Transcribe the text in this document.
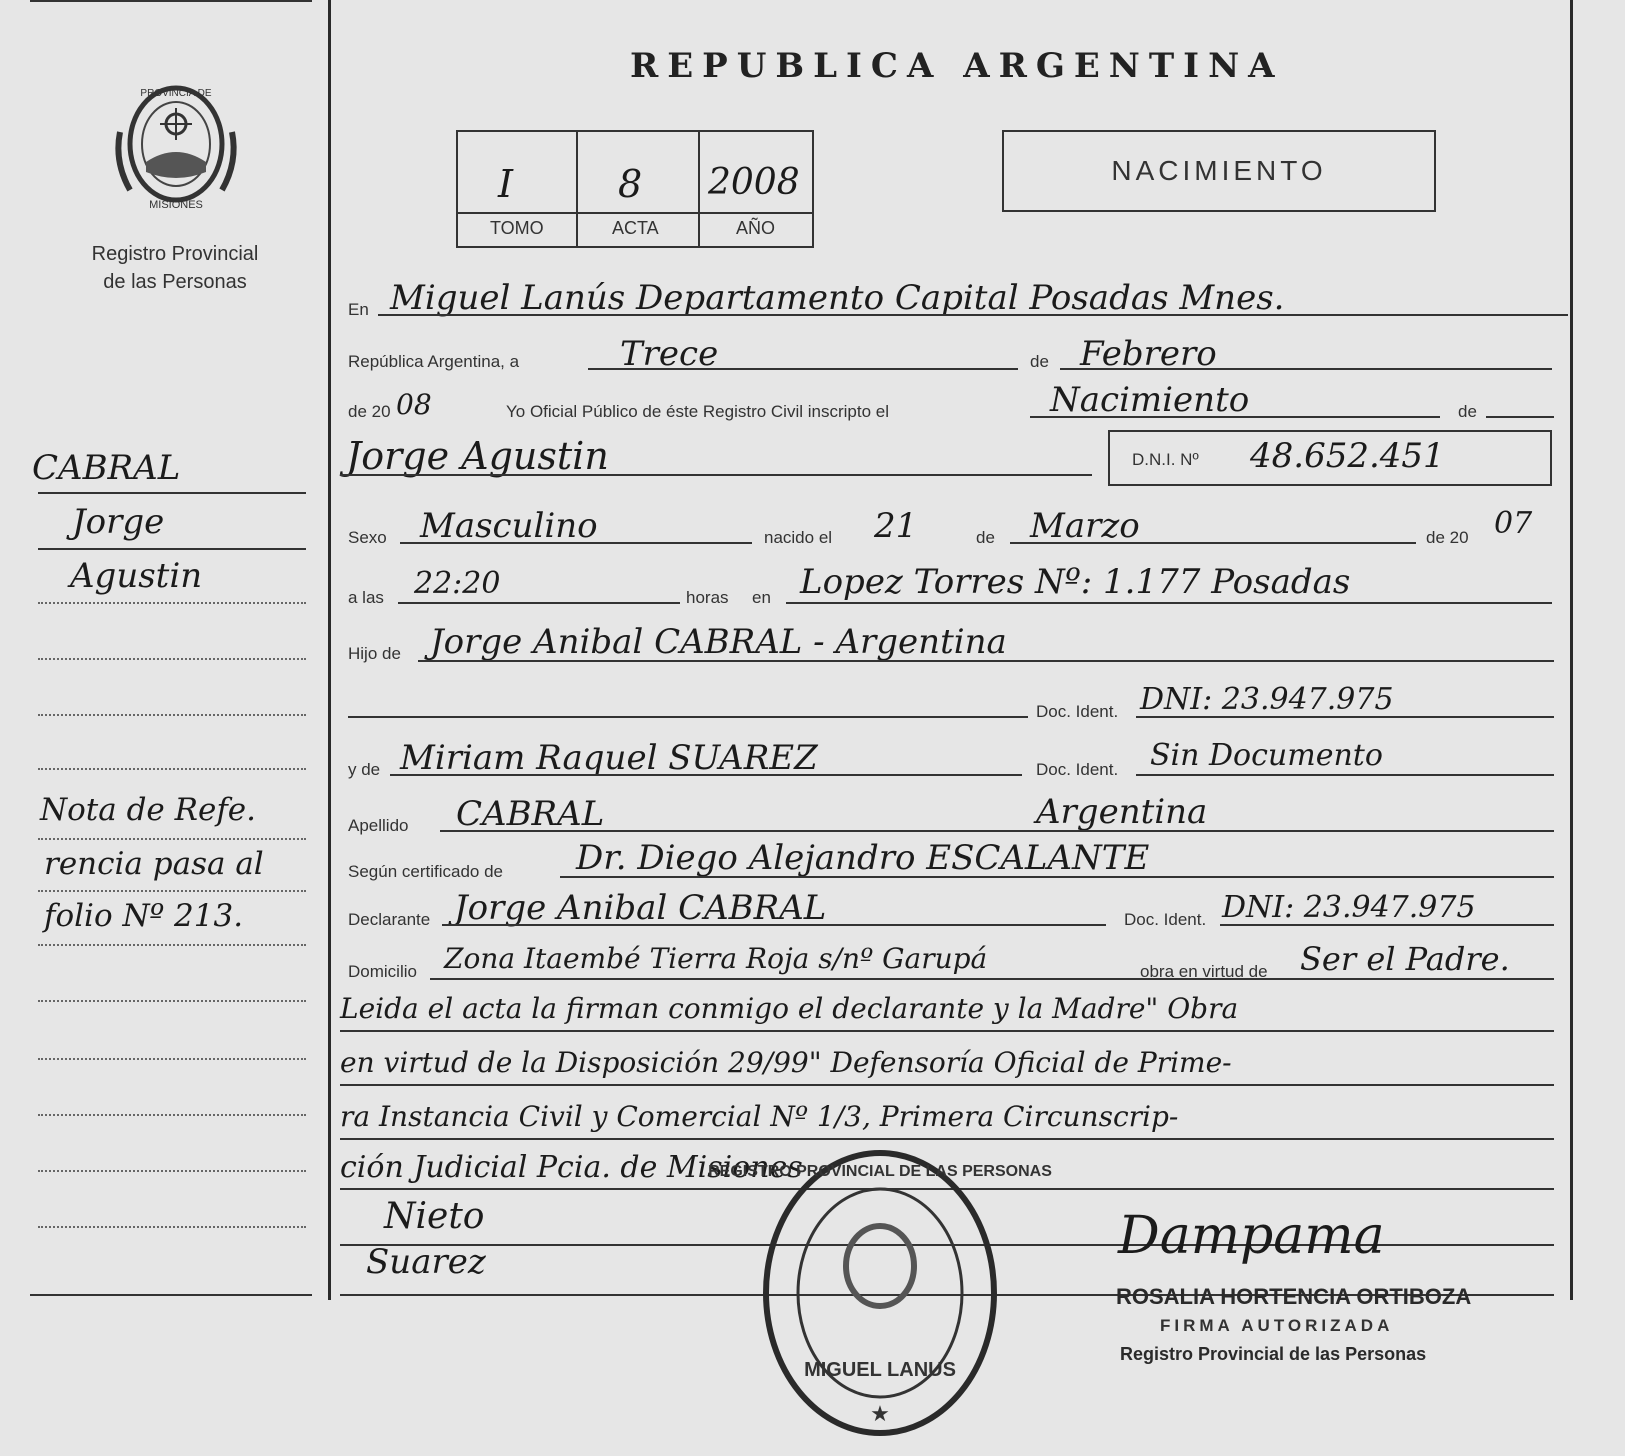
PROVINCIA DE
MISIONES
Registro Provincial
de las Personas
CABRAL
Jorge
Agustin
Nota de Refe.
rencia pasa al
folio Nº 213.
REPUBLICA ARGENTINA
I	8 2008
TOMO	ACTA	AÑO
NACIMIENTO
En Miguel Lanús Departamento Capital Posadas Mnes.
República Argentina, a	Trece	de Febrero
de 20 08	Yo Oficial Público de éste Registro Civil inscripto el	Nacimiento	de
Jorge Agustin	D.N.I. Nº 48.652.451
Sexo Masculino	nacido el 21	de Marzo	de 20 07
a las 22:20	horas en Lopez Torres Nº: 1.177 Posadas
Hijo de Jorge Anibal CABRAL - Argentina
Doc. Ident. DNI: 23.947.975
y de Miriam Raquel SUAREZ	Doc. Ident. Sin Documento
Apellido CABRAL	Argentina
Según certificado de Dr. Diego Alejandro ESCALANTE
Declarante Jorge Anibal CABRAL	Doc. Ident. DNI: 23.947.975
Domicilio Zona Itaembé Tierra Roja s/nº Garupá	obra en virtud de Ser el Padre.
Leida el acta la firman conmigo el declarante y la Madre" Obra
en virtud de la Disposición 29/99" Defensoría Oficial de Prime-
ra Instancia Civil y Comercial Nº 1/3, Primera Circunscrip-
ción Judicial Pcia. de Misiones
Nieto
Suarez
REGISTRO PROVINCIAL DE LAS PERSONAS
MIGUEL LANUS
★
Dampama
ROSALIA HORTENCIA ORTIBOZA
FIRMA AUTORIZADA
Registro Provincial de las Personas
